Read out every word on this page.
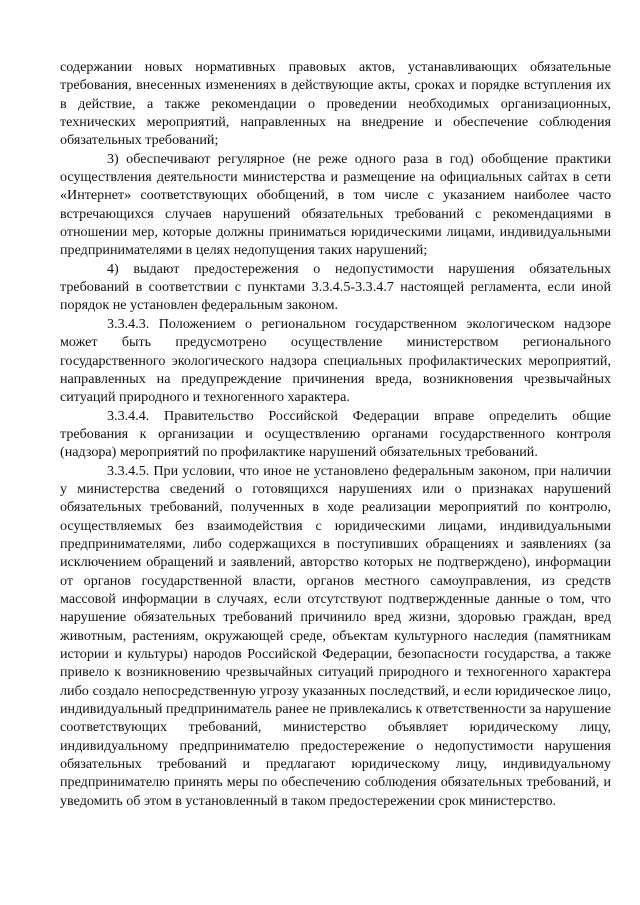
содержании новых нормативных правовых актов, устанавливающих обязательные требования, внесенных изменениях в действующие акты, сроках и порядке вступления их в действие, а также рекомендации о проведении необходимых организационных, технических мероприятий, направленных на внедрение и обеспечение соблюдения обязательных требований;

3) обеспечивают регулярное (не реже одного раза в год) обобщение практики осуществления деятельности министерства и размещение на официальных сайтах в сети «Интернет» соответствующих обобщений, в том числе с указанием наиболее часто встречающихся случаев нарушений обязательных требований с рекомендациями в отношении мер, которые должны приниматься юридическими лицами, индивидуальными предпринимателями в целях недопущения таких нарушений;

4) выдают предостережения о недопустимости нарушения обязательных требований в соответствии с пунктами 3.3.4.5-3.3.4.7 настоящей регламента, если иной порядок не установлен федеральным законом.

3.3.4.3. Положением о региональном государственном экологическом надзоре может быть предусмотрено осуществление министерством регионального государственного экологического надзора специальных профилактических мероприятий, направленных на предупреждение причинения вреда, возникновения чрезвычайных ситуаций природного и техногенного характера.

3.3.4.4. Правительство Российской Федерации вправе определить общие требования к организации и осуществлению органами государственного контроля (надзора) мероприятий по профилактике нарушений обязательных требований.

3.3.4.5. При условии, что иное не установлено федеральным законом, при наличии у министерства сведений о готовящихся нарушениях или о признаках нарушений обязательных требований, полученных в ходе реализации мероприятий по контролю, осуществляемых без взаимодействия с юридическими лицами, индивидуальными предпринимателями, либо содержащихся в поступивших обращениях и заявлениях (за исключением обращений и заявлений, авторство которых не подтверждено), информации от органов государственной власти, органов местного самоуправления, из средств массовой информации в случаях, если отсутствуют подтвержденные данные о том, что нарушение обязательных требований причинило вред жизни, здоровью граждан, вред животным, растениям, окружающей среде, объектам культурного наследия (памятникам истории и культуры) народов Российской Федерации, безопасности государства, а также привело к возникновению чрезвычайных ситуаций природного и техногенного характера либо создало непосредственную угрозу указанных последствий, и если юридическое лицо, индивидуальный предприниматель ранее не привлекались к ответственности за нарушение соответствующих требований, министерство объявляет юридическому лицу, индивидуальному предпринимателю предостережение о недопустимости нарушения обязательных требований и предлагают юридическому лицу, индивидуальному предпринимателю принять меры по обеспечению соблюдения обязательных требований, и уведомить об этом в установленный в таком предостережении срок министерство.
